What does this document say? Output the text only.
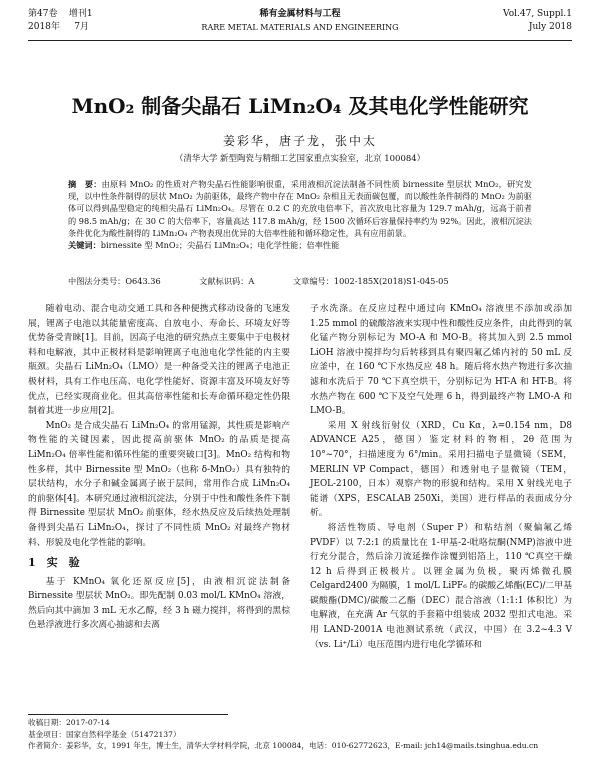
第47卷 增刊1
2018年 7月
稀有金属材料与工程
RARE METAL MATERIALS AND ENGINEERING
Vol.47, Suppl.1
July 2018
MnO₂ 制备尖晶石 LiMn₂O₄ 及其电化学性能研究
姜彩华，唐子龙，张中太
（清华大学 新型陶瓷与精细工艺国家重点实验室，北京 100084）
摘　要：由原料 MnO₂ 的性质对产物尖晶石性能影响很重，采用液相沉淀法制备不同性质 birnessite 型层状 MnO₂，研究发现，以中性条件制得的层状 MnO₂ 为前驱体，最终产物中存在 MnO₂ 杂相且无表面碳包覆，而以酸性条件制得的 MnO₂ 为前驱体可以得到晶型稳定的纯相尖晶石 LiMn₂O₄。尽管在 0.2 C 的充放电倍率下，首次放电比容量为 129.7 mAh/g，远高于前者的 98.5 mAh/g；在 30 C 的大倍率下，容量高达 117.8 mAh/g，经 1500 次循环后容量保持率约为 92%。因此，液相沉淀法条件优化为酸性制得的 LiMn₂O₄ 产物表现出优异的大倍率性能和循环稳定性，具有应用前景。
关键词：birnessite 型 MnO₂；尖晶石 LiMn₂O₄；电化学性能；倍率性能
中图法分类号：O643.36	文献标识码：A	文章编号：1002-185X(2018)S1-045-05

随着电动、混合电动交通工具和各种便携式移动设备的飞速发展，锂离子电池以其能量密度高、自放电小、寿命长、环境友好等优势备受青睐[1]。目前，因高子电池的研究热点主要集中于电极材料和电解液，其中正极材料是影响锂离子电池电化学性能的内主要瓶颈。尖晶石 LiMn₂O₄（LMO）是一种备受关注的锂离子电池正极材料，具有工作电压高、电化学性能好、资源丰富及环境友好等优点，已经实现商业化。但其高倍率性能和长寿命循环稳定性仍限制着其进一步应用[2]。

MnO₂ 是合成尖晶石 LiMn₂O₄ 的常用锰源，其性质是影响产物性能的关键因素，因此提高前驱体 MnO₂ 的品质是提高 LiMn₂O₄ 倍率性能和循环性能的重要突破口[3]。MnO₂ 结构和物性多样，其中 Birnessite 型 MnO₂（也称 δ-MnO₂）具有独特的层状结构，水分子和碱金属离子嵌于层间，常用作合成 LiMn₂O₄ 的前驱体[4]。本研究通过液相沉淀法，分别于中性和酸性条件下制得 Birnessite 型层状 MnO₂ 前驱体，经水热反应及后续热处理制备得到尖晶石 LiMn₂O₄，探讨了不同性质 MnO₂ 对最终产物材料、形貌及电化学性能的影响。

1　实　验

基于 KMnO₄ 氧化还原反应[5]，由液相沉淀法制备 Birnessite 型层状 MnO₂。即先配制 0.03 mol/L KMnO₄ 溶液，然后向其中滴加 3 mL 无水乙醇，经 3 h 磁力搅拌，将得到的黑棕色悬浮液进行多次离心抽滤和去离

子水洗涤。在反应过程中通过向 KMnO₄ 溶液里不添加或添加 1.25 mmol 的硫酸溶液来实现中性和酸性反应条件，由此得到的氧化锰产物分别标记为 MO-A 和 MO-B。将其加入到 2.5 mmol LiOH 溶液中搅拌均匀后转移到具有聚四氟乙烯内衬的 50 mL 反应釜中，在 160 ℃下水热反应 48 h。随后将水热产物进行多次抽滤和水洗后于 70 ℃下真空烘干，分别标记为 HT-A 和 HT-B。将水热产物在 600 ℃下及空气处理 6 h，得到最终产物 LMO-A 和 LMO-B。

采用 X 射线衍射仪（XRD，Cu Kα，λ=0.154 nm，D8 ADVANCE A25，德国）鉴定材料的物相，2θ 范围为 10°~70°，扫描速度为 6°/min。采用扫描电子显微镜（SEM，MERLIN VP Compact，德国）和透射电子显微镜（TEM，JEOL-2100，日本）观察产物的形貌和结构。采用 X 射线光电子能谱（XPS，ESCALAB 250Xi，美国）进行样品的表面成分分析。

将活性物质、导电剂（Super P）和粘结剂（聚偏氟乙烯 PVDF）以 7:2:1 的质量比在 1-甲基-2-吡咯烷酮(NMP)溶液中进行充分混合，然后涂刀流延操作涂覆到铝箔上，110 ℃真空干燥 12 h 后得到正极极片。以锂金属为负极，聚丙烯微孔膜 Celgard2400 为隔膜，1 mol/L LiPF₆ 的碳酸乙烯酯(EC)/二甲基碳酸酯(DMC)/碳酸二乙酯（DEC）混合溶液（1:1:1 体积比）为电解液，在充满 Ar 气氛的手套箱中组装成 2032 型扣式电池。采用 LAND-2001A 电池测试系统（武汉，中国）在 3.2~4.3 V（vs. Li⁺/Li）电压范围内进行电化学循环和

收稿日期：2017-07-14
基金项目：国家自然科学基金（51472137）
作者简介：姜彩华，女，1991 年生，博士生，清华大学材料学院，北京 100084，电话：010-62772623，E-mail: jch14@mails.tsinghua.edu.cn
